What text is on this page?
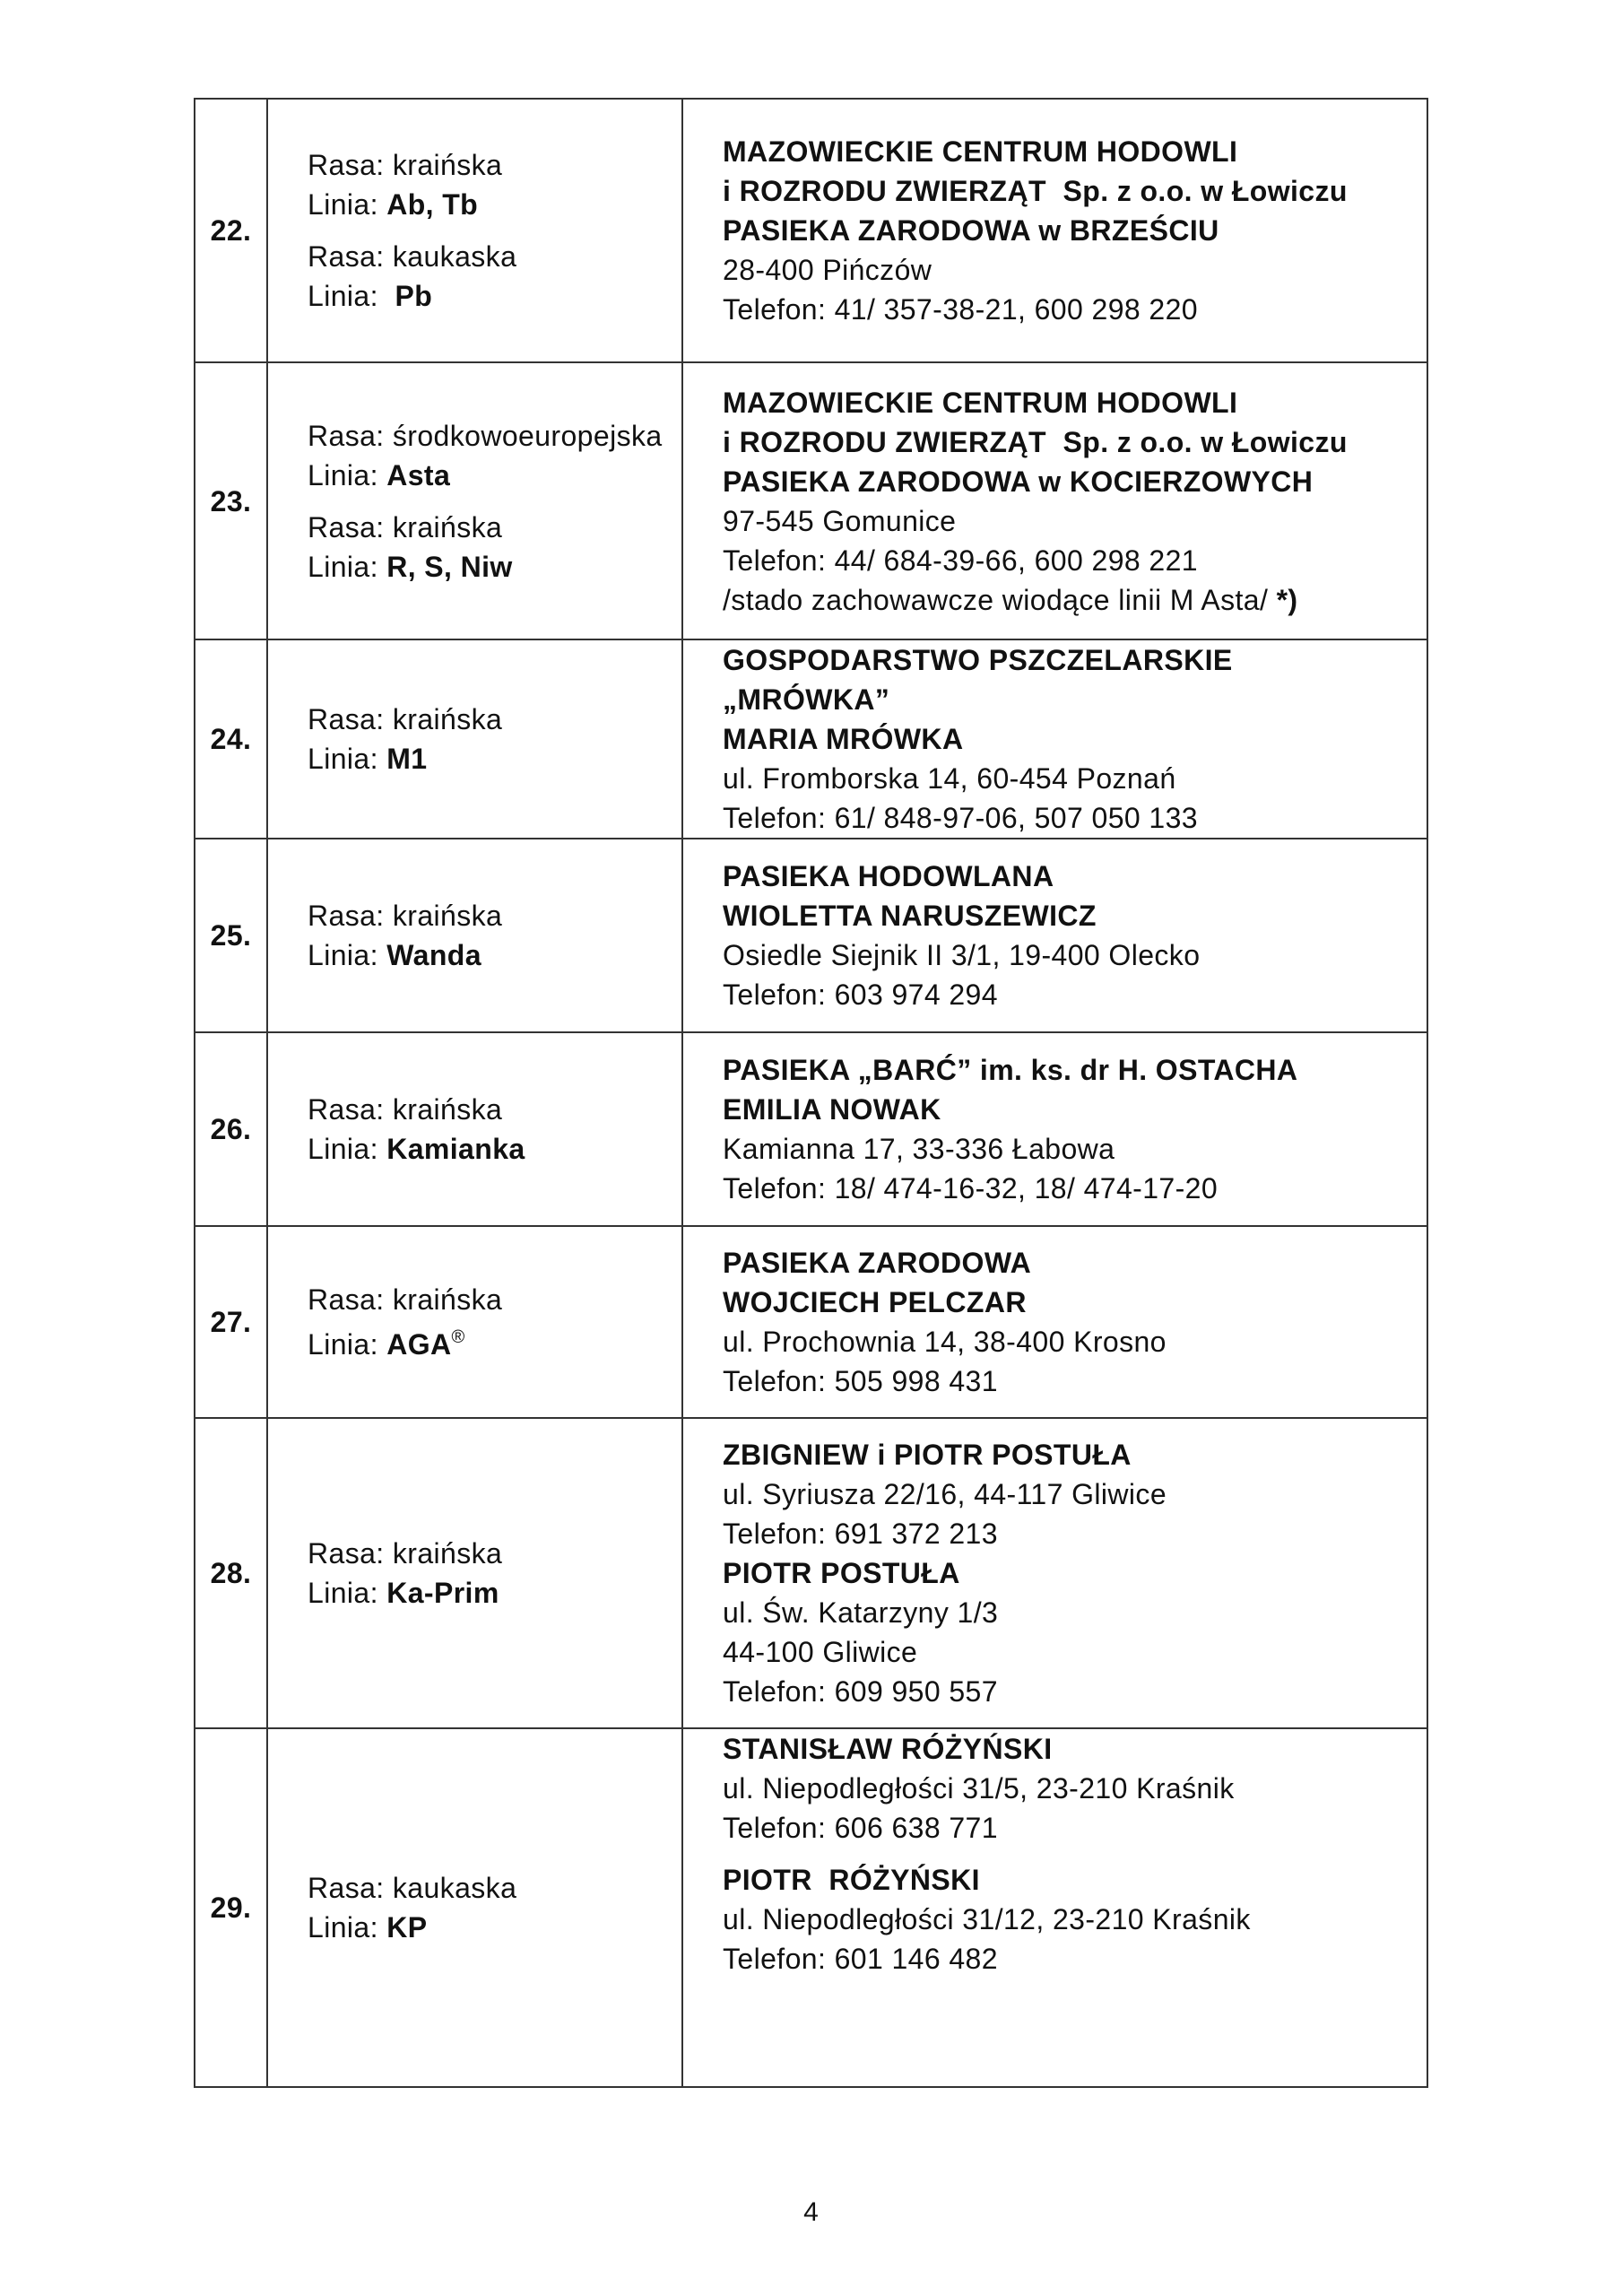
22.
Rasa: kraińska
Linia: Ab, Tb
Rasa: kaukaska
Linia:  Pb
MAZOWIECKIE CENTRUM HODOWLI
i ROZRODU ZWIERZĄT  Sp. z o.o. w Łowiczu
PASIEKA ZARODOWA w BRZEŚCIU
28-400 Pińczów
Telefon: 41/ 357-38-21, 600 298 220
23.
Rasa: środkowoeuropejska
Linia: Asta
Rasa: kraińska
Linia: R, S, Niw
MAZOWIECKIE CENTRUM HODOWLI
i ROZRODU ZWIERZĄT  Sp. z o.o. w Łowiczu
PASIEKA ZARODOWA w KOCIERZOWYCH
97-545 Gomunice
Telefon: 44/ 684-39-66, 600 298 221
/stado zachowawcze wiodące linii M Asta/ *)
24.
Rasa: kraińska
Linia: M1
GOSPODARSTWO PSZCZELARSKIE
„MRÓWKA”
MARIA MRÓWKA
ul. Fromborska 14, 60-454 Poznań
Telefon: 61/ 848-97-06, 507 050 133
25.
Rasa: kraińska
Linia: Wanda
PASIEKA HODOWLANA
WIOLETTA NARUSZEWICZ
Osiedle Siejnik II 3/1, 19-400 Olecko
Telefon: 603 974 294
26.
Rasa: kraińska
Linia: Kamianka
PASIEKA „BARĆ” im. ks. dr H. OSTACHA
EMILIA NOWAK
Kamianna 17, 33-336 Łabowa
Telefon: 18/ 474-16-32, 18/ 474-17-20
27.
Rasa: kraińska
Linia: AGA®
PASIEKA ZARODOWA
WOJCIECH PELCZAR
ul. Prochownia 14, 38-400 Krosno
Telefon: 505 998 431
28.
Rasa: kraińska
Linia: Ka-Prim
ZBIGNIEW i PIOTR POSTUŁA
ul. Syriusza 22/16, 44-117 Gliwice
Telefon: 691 372 213
PIOTR POSTUŁA
ul. Św. Katarzyny 1/3
44-100 Gliwice
Telefon: 609 950 557
29.
Rasa: kaukaska
Linia: KP
STANISŁAW RÓŻYŃSKI
ul. Niepodległości 31/5, 23-210 Kraśnik
Telefon: 606 638 771
PIOTR  RÓŻYŃSKI
ul. Niepodległości 31/12, 23-210 Kraśnik
Telefon: 601 146 482
4
